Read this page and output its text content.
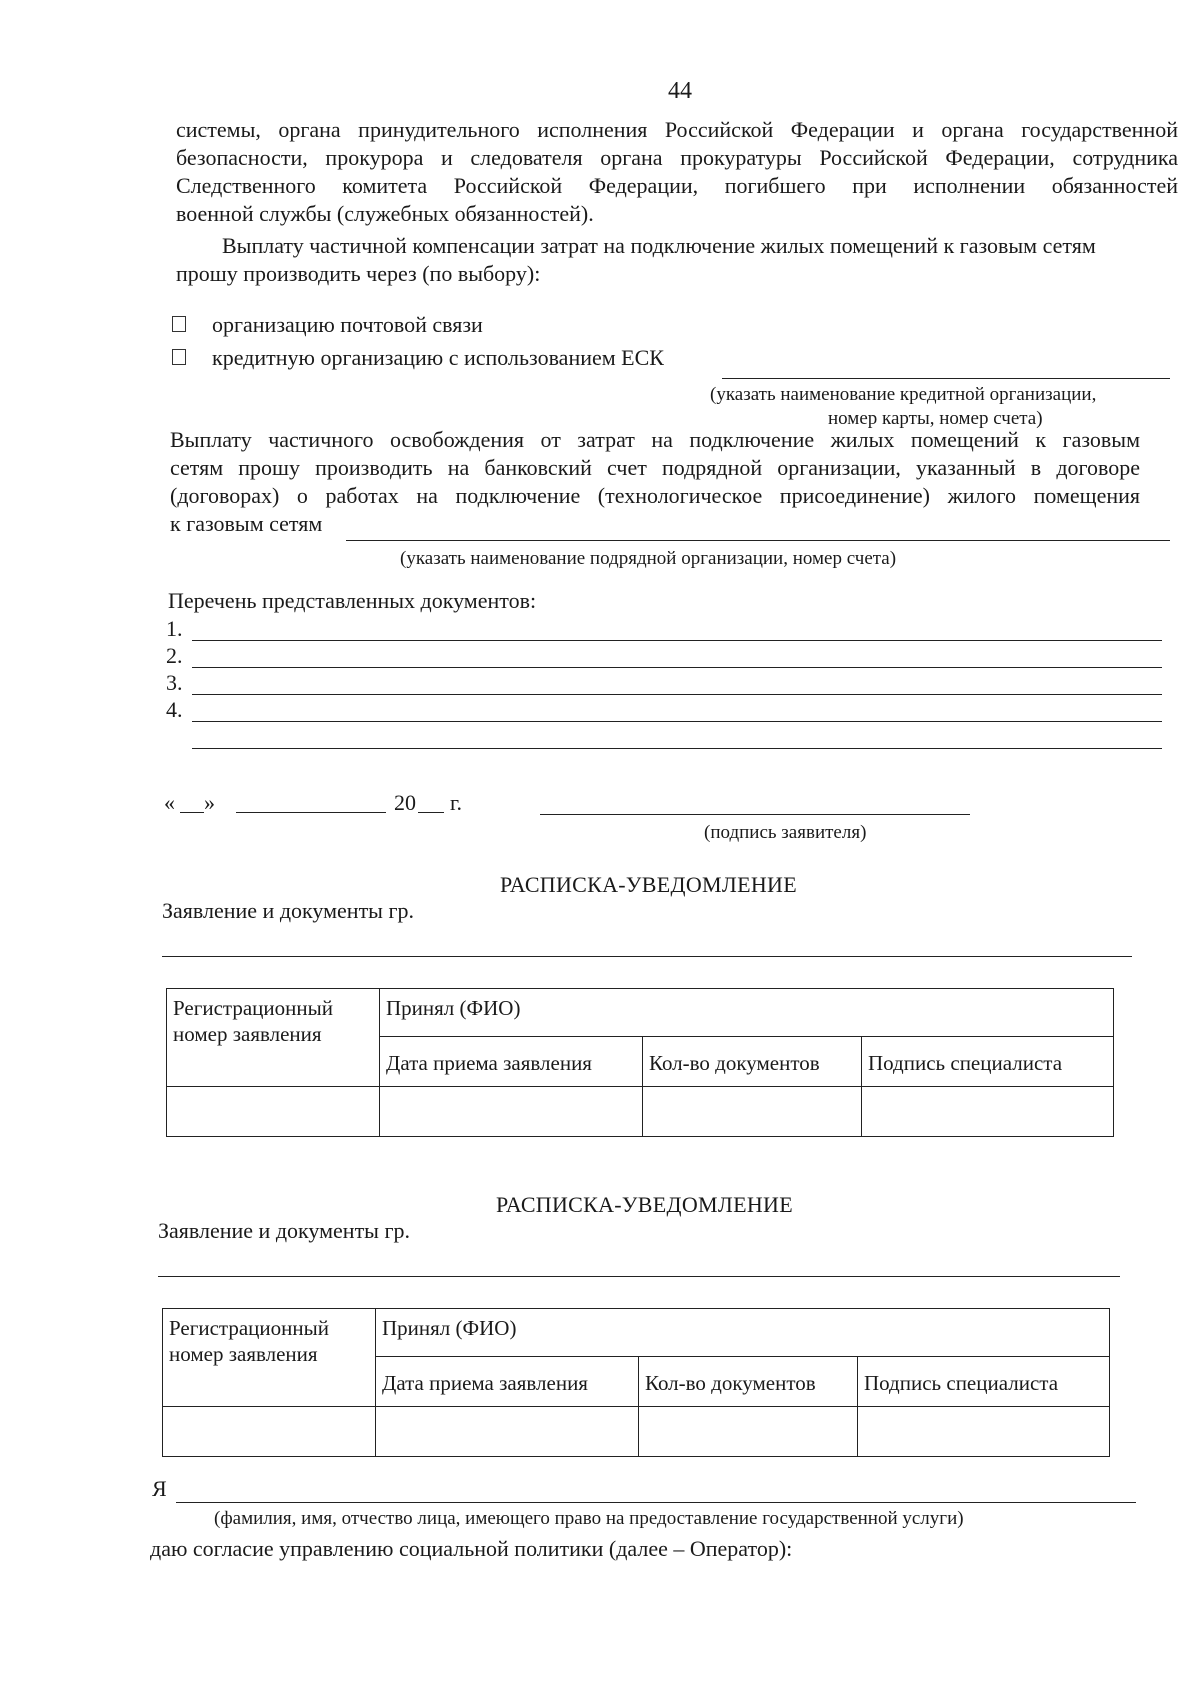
44
системы, органа принудительного исполнения Российской Федерации и органа государственной
безопасности, прокурора и следователя органа прокуратуры Российской Федерации, сотрудника
Следственного комитета Российской Федерации, погибшего при исполнении обязанностей
военной службы (служебных обязанностей).
Выплату частичной компенсации затрат на подключение жилых помещений к газовым сетям
прошу производить через (по выбору):
организацию почтовой связи
кредитную организацию с использованием ЕСК
(указать наименование кредитной организации,
номер карты, номер счета)
Выплату частичного освобождения от затрат на подключение жилых помещений к газовым
сетям прошу производить на банковский счет подрядной организации, указанный в договоре
(договорах) о работах на подключение (технологическое присоединение) жилого помещения
к газовым сетям
(указать наименование подрядной организации, номер счета)
Перечень представленных документов:
1.
2.
3.
4.
« »	20 г.
(подпись заявителя)
РАСПИСКА-УВЕДОМЛЕНИЕ
Заявление и документы гр.
Регистрационный номер заявления	Принял (ФИО)		
	Дата приема заявления	Кол-во документов	Подпись специалиста

РАСПИСКА-УВЕДОМЛЕНИЕ
Заявление и документы гр.
Регистрационный номер заявления	Принял (ФИО)		
	Дата приема заявления	Кол-во документов	Подпись специалиста

Я
(фамилия, имя, отчество лица, имеющего право на предоставление государственной услуги)
даю согласие управлению социальной политики (далее – Оператор):
